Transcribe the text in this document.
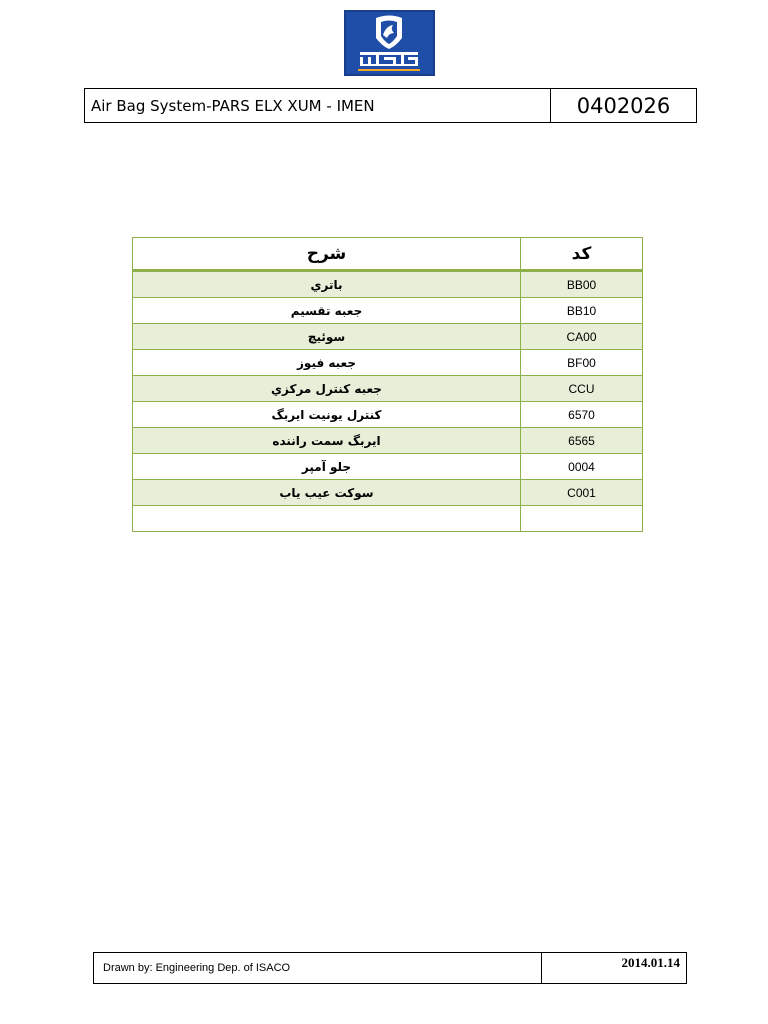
Air Bag System-PARS ELX XUM - IMEN	0402026
شرح	کد
باتري	BB00
جعبه تقسيم	BB10
سوئيچ	CA00
جعبه فيوز	BF00
جعبه كنترل مركزي	CCU
كنترل يونيت ايربگ	6570
ايربگ سمت راننده	6565
جلو آمپر	0004
سوكت عيب ياب	C001

Drawn by: Engineering Dep. of ISACO	2014.01.14
